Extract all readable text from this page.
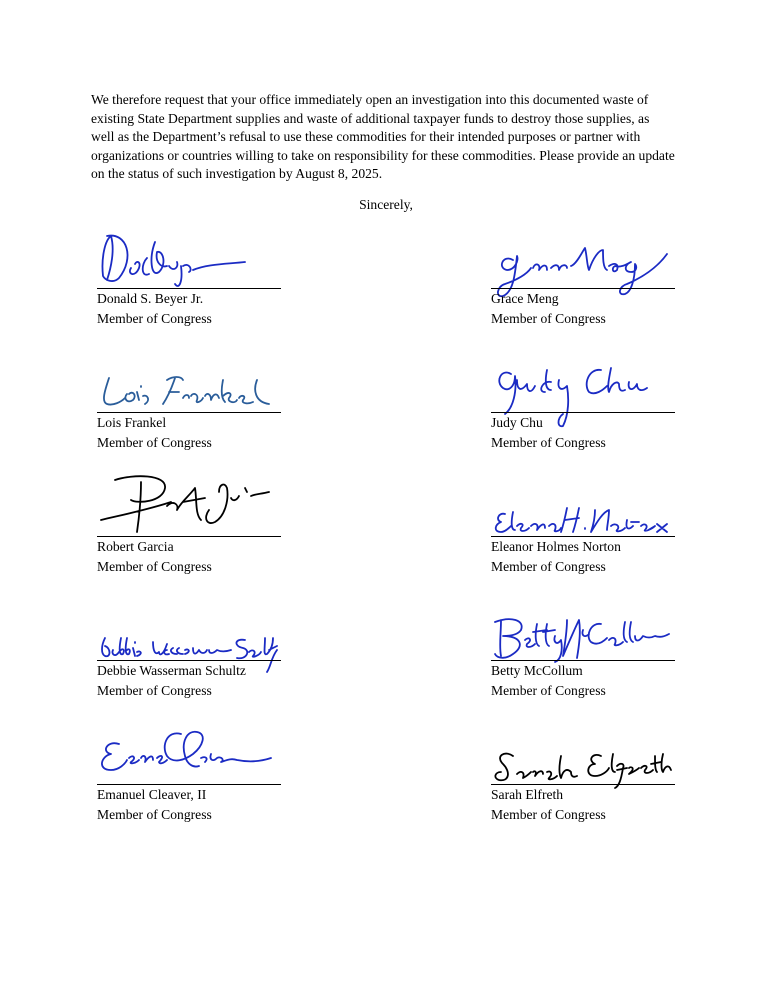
We therefore request that your office immediately open an investigation into this documented waste of existing State Department supplies and waste of additional taxpayer funds to destroy those supplies, as well as the Department’s refusal to use these commodities for their intended purposes or partner with organizations or countries willing to take on responsibility for these commodities. Please provide an update on the status of such investigation by August 8, 2025.

Sincerely,
Donald S. Beyer Jr.
Member of Congress
Grace Meng
Member of Congress
Lois Frankel
Member of Congress
Judy Chu
Member of Congress
Robert Garcia
Member of Congress
Eleanor Holmes Norton
Member of Congress
Debbie Wasserman Schultz
Member of Congress
Betty McCollum
Member of Congress
Emanuel Cleaver, II
Member of Congress
Sarah Elfreth
Member of Congress
